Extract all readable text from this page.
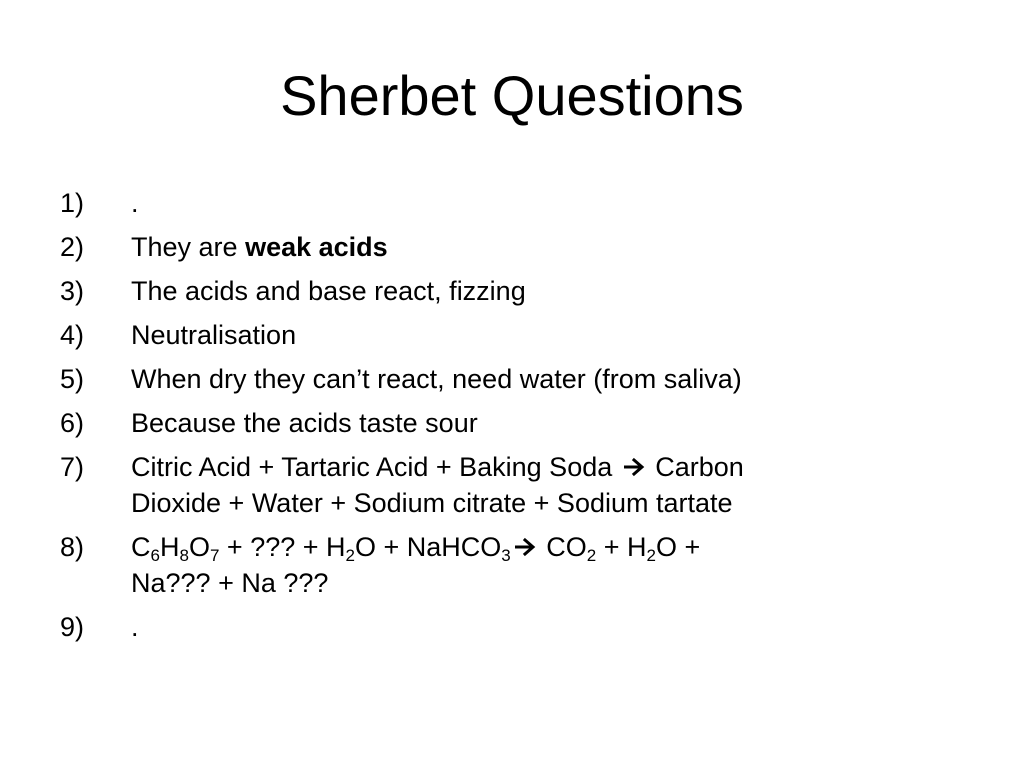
Sherbet Questions
1) .
2) They are weak acids
3) The acids and base react, fizzing
4) Neutralisation
5) When dry they can’t react, need water (from saliva)
6) Because the acids taste sour
7) Citric Acid + Tartaric Acid + Baking Soda
Carbon
Dioxide + Water + Sodium citrate + Sodium tartate
8) $C_6H_8O_7$ + ??? + $H_2O$ + NaHCO$_3$
$CO_2 + H_2O$ +
Na??? + Na ???
9) .
